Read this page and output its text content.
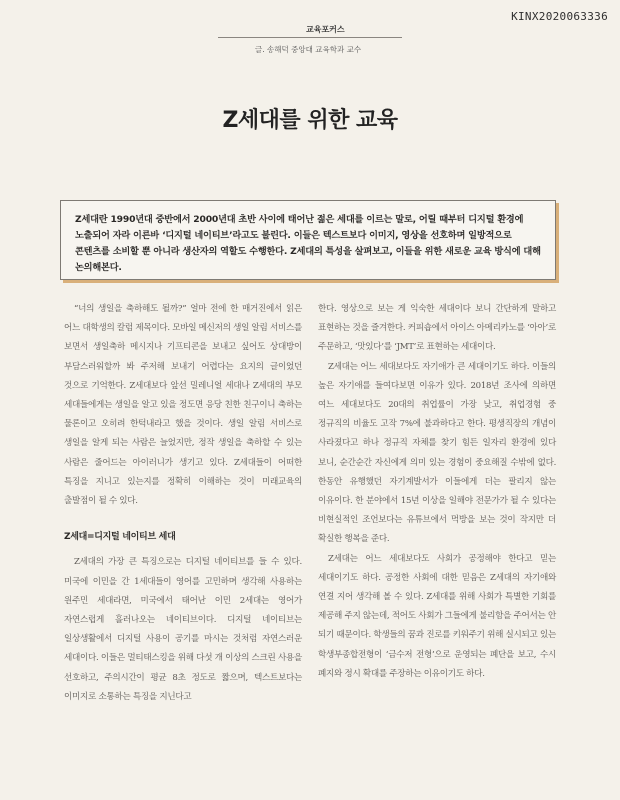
KINX2020063336
교육포커스
글. 송해덕 중앙대 교육학과 교수
Z세대를 위한 교육

Z세대란 1990년대 중반에서 2000년대 초반 사이에 태어난 젊은 세대를 이르는 말로, 어릴 때부터 디지털 환경에 노출되어 자라 이른바 ‘디지털 네이티브’라고도 불린다. 이들은 텍스트보다 이미지, 영상을 선호하며 일방적으로 콘텐츠를 소비할 뿐 아니라 생산자의 역할도 수행한다. Z세대의 특성을 살펴보고, 이들을 위한 새로운 교육 방식에 대해 논의해본다.

“너의 생일을 축하해도 될까?” 얼마 전에 한 매거진에서 읽은 어느 대학생의 칼럼 제목이다. 모바일 메신저의 생일 알림 서비스를 보면서 생일축하 메시지나 기프티콘을 보내고 싶어도 상대방이 부담스러워할까 봐 주저해 보내기 어렵다는 요지의 글이었던 것으로 기억한다. Z세대보다 앞선 밀레니얼 세대나 Z세대의 부모 세대들에게는 생일을 알고 있을 정도면 응당 친한 친구이니 축하는 물론이고 오히려 한턱내라고 했을 것이다. 생일 알림 서비스로 생일을 알게 되는 사람은 늘었지만, 정작 생일을 축하할 수 있는 사람은 줄어드는 아이러니가 생기고 있다. Z세대들이 어떠한 특징을 지니고 있는지를 정확히 이해하는 것이 미래교육의 출발점이 될 수 있다.

Z세대=디지털 네이티브 세대

Z세대의 가장 큰 특징으로는 디지털 네이티브를 들 수 있다. 미국에 이민을 간 1세대들이 영어를 고민하며 생각해 사용하는 원주민 세대라면, 미국에서 태어난 이민 2세대는 영어가 자연스럽게 흘러나오는 네이티브이다. 디지털 네이티브는 일상생활에서 디지털 사용이 공기를 마시는 것처럼 자연스러운 세대이다. 이들은 멀티태스킹을 위해 다섯 개 이상의 스크린 사용을 선호하고, 주의시간이 평균 8초 정도로 짧으며, 텍스트보다는 이미지로 소통하는 특징을 지닌다고

한다. 영상으로 보는 게 익숙한 세대이다 보니 간단하게 말하고 표현하는 것을 즐겨한다. 커피숍에서 아이스 아메리카노를 ‘아아’로 주문하고, ‘맛있다’를 ‘JMT’로 표현하는 세대이다.

Z세대는 어느 세대보다도 자기애가 큰 세대이기도 하다. 이들의 높은 자기애를 들여다보면 이유가 있다. 2018년 조사에 의하면 여느 세대보다도 20대의 취업률이 가장 낮고, 취업경험 중 정규직의 비율도 고작 7%에 불과하다고 한다. 평생직장의 개념이 사라졌다고 하나 정규직 자체를 찾기 힘든 일자리 환경에 있다 보니, 순간순간 자신에게 의미 있는 경험이 중요해질 수밖에 없다. 한동안 유행했던 자기계발서가 이들에게 더는 팔리지 않는 이유이다. 한 분야에서 15년 이상을 일해야 전문가가 될 수 있다는 비현실적인 조언보다는 유튜브에서 먹방을 보는 것이 작지만 더 확실한 행복을 준다.

Z세대는 어느 세대보다도 사회가 공정해야 한다고 믿는 세대이기도 하다. 공정한 사회에 대한 믿음은 Z세대의 자기애와 연결 지어 생각해 볼 수 있다. Z세대를 위해 사회가 특별한 기회를 제공해 주지 않는데, 적어도 사회가 그들에게 불리함을 주어서는 안 되기 때문이다. 학생들의 꿈과 진로를 키워주기 위해 실시되고 있는 학생부종합전형이 ‘금수저 전형’으로 운영되는 폐단을 보고, 수시 폐지와 정시 확대를 주장하는 이유이기도 하다.
